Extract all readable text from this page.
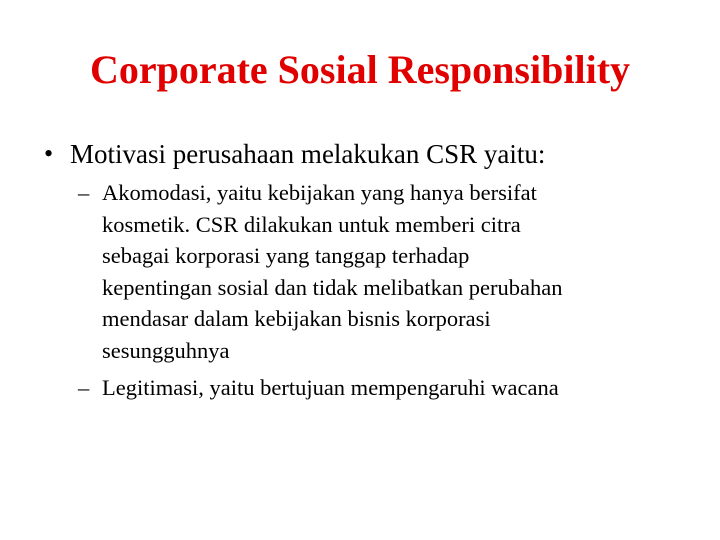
Corporate Sosial Responsibility
• Motivasi perusahaan melakukan CSR yaitu:
– Akomodasi, yaitu kebijakan yang hanya bersifat
kosmetik. CSR dilakukan untuk memberi citra
sebagai korporasi yang tanggap terhadap
kepentingan sosial dan tidak melibatkan perubahan
mendasar dalam kebijakan bisnis korporasi
sesungguhnya
– Legitimasi, yaitu bertujuan mempengaruhi wacana
